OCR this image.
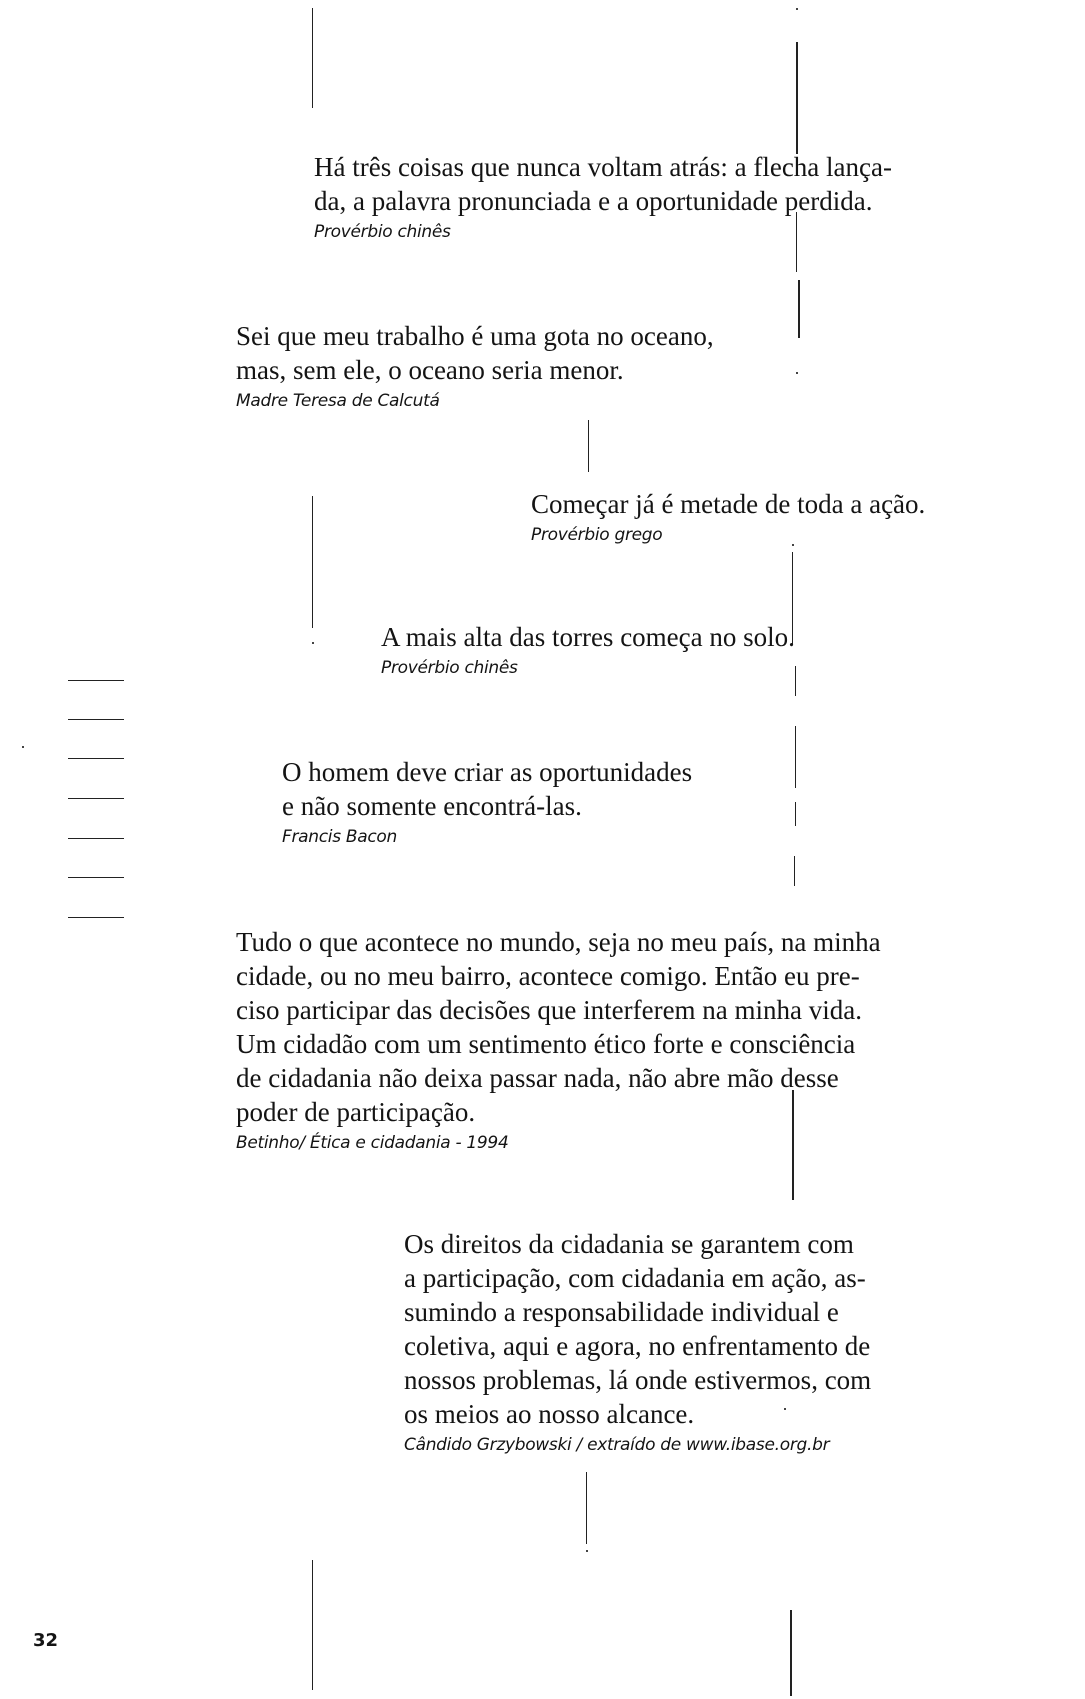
Há três coisas que nunca voltam atrás: a flecha lança-
da, a palavra pronunciada e a oportunidade perdida.

Provérbio chinês

Sei que meu trabalho é uma gota no oceano,
mas, sem ele, o oceano seria menor.

Madre Teresa de Calcutá

Começar já é metade de toda a ação.

Provérbio grego

A mais alta das torres começa no solo.

Provérbio chinês

O homem deve criar as oportunidades
e não somente encontrá-las.

Francis Bacon

Tudo o que acontece no mundo, seja no meu país, na minha
cidade, ou no meu bairro, acontece comigo. Então eu pre-
ciso participar das decisões que interferem na minha vida.
Um cidadão com um sentimento ético forte e consciência
de cidadania não deixa passar nada, não abre mão desse
poder de participação.

Betinho/ Ética e cidadania - 1994

Os direitos da cidadania se garantem com
a participação, com cidadania em ação, as-
sumindo a responsabilidade individual e
coletiva, aqui e agora, no enfrentamento de
nossos problemas, lá onde estivermos, com
os meios ao nosso alcance.

Cândido Grzybowski / extraído de www.ibase.org.br
32
